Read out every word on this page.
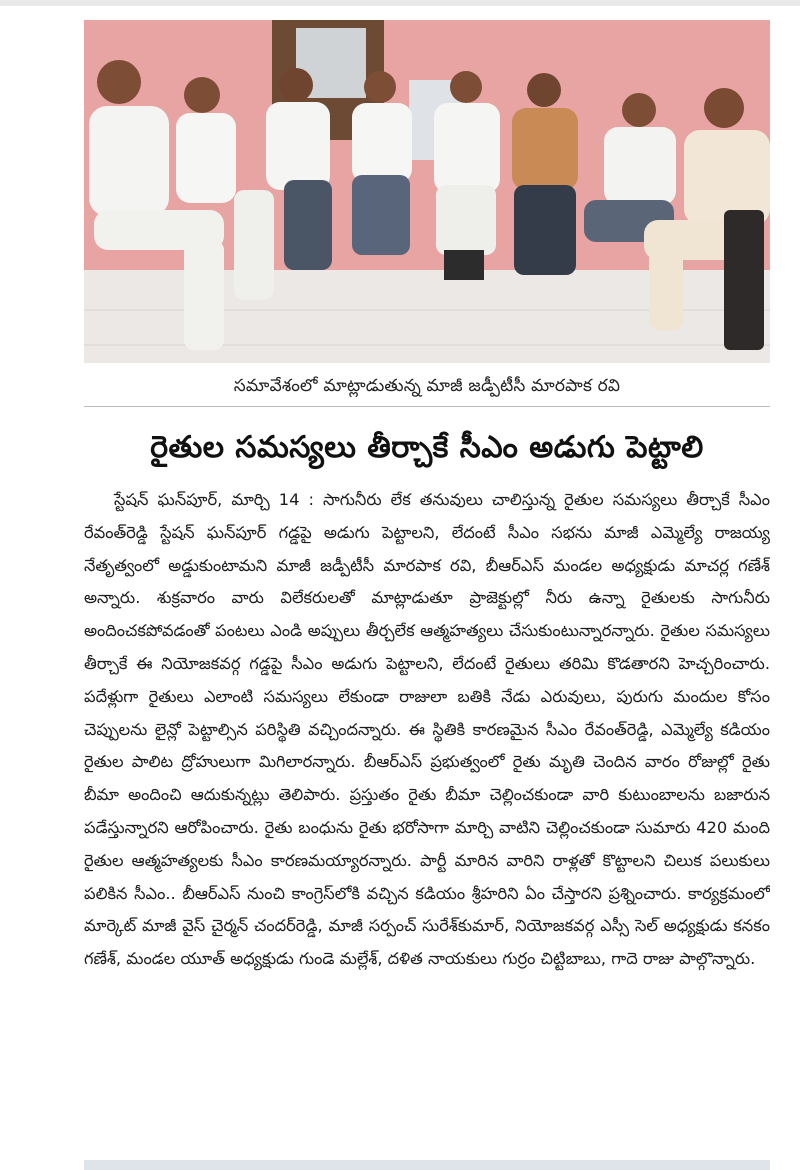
సమావేశంలో మాట్లాడుతున్న మాజీ జడ్పీటీసీ మారపాక రవి
రైతుల సమస్యలు తీర్చాకే సీఎం అడుగు పెట్టాలి

స్టేషన్ ఘన్‌పూర్, మార్చి 14 : సాగునీరు లేక తనువులు చాలిస్తున్న రైతుల సమస్యలు తీర్చాకే సీఎం రేవంత్‌రెడ్డి స్టేషన్ ఘన్‌పూర్ గడ్డపై అడుగు పెట్టాలని, లేదంటే సీఎం సభను మాజీ ఎమ్మెల్యే రాజయ్య నేతృత్వంలో అడ్డుకుంటామని మాజీ జడ్పీటీసీ మారపాక రవి, బీఆర్ఎస్ మండల అధ్యక్షుడు మాచర్ల గణేశ్ అన్నారు. శుక్రవారం వారు విలేకరులతో మాట్లాడుతూ ప్రాజెక్టుల్లో నీరు ఉన్నా రైతులకు సాగునీరు అందించకపోవడంతో పంటలు ఎండి అప్పులు తీర్చలేక ఆత్మహత్యలు చేసుకుంటున్నారన్నారు. రైతుల సమస్యలు తీర్చాకే ఈ నియోజకవర్గ గడ్డపై సీఎం అడుగు పెట్టాలని, లేదంటే రైతులు తరిమి కొడతారని హెచ్చరించారు. పదేళ్లుగా రైతులు ఎలాంటి సమస్యలు లేకుండా రాజులా బతికి నేడు ఎరువులు, పురుగు మందుల కోసం చెప్పులను లైన్లో పెట్టాల్సిన పరిస్థితి వచ్చిందన్నారు. ఈ స్థితికి కారణమైన సీఎం రేవంత్‌రెడ్డి, ఎమ్మెల్యే కడియం రైతుల పాలిట ద్రోహులుగా మిగిలారన్నారు. బీఆర్ఎస్ ప్రభుత్వంలో రైతు మృతి చెందిన వారం రోజుల్లో రైతు బీమా అందించి ఆదుకున్నట్లు తెలిపారు. ప్రస్తుతం రైతు బీమా చెల్లించకుండా వారి కుటుంబాలను బజారున పడేస్తున్నారని ఆరోపించారు. రైతు బంధును రైతు భరోసాగా మార్చి వాటిని చెల్లించకుండా సుమారు 420 మంది రైతుల ఆత్మహత్యలకు సీఎం కారణమయ్యారన్నారు. పార్టీ మారిన వారిని రాళ్లతో కొట్టాలని చిలుక పలుకులు పలికిన సీఎం.. బీఆర్ఎస్ నుంచి కాంగ్రెస్‌లోకి వచ్చిన కడియం శ్రీహరిని ఏం చేస్తారని ప్రశ్నించారు. కార్యక్రమంలో మార్కెట్ మాజీ వైస్ చైర్మన్ చందర్‌రెడ్డి, మాజీ సర్పంచ్ సురేశ్‌కుమార్, నియోజకవర్గ ఎస్సీ సెల్ అధ్యక్షుడు కనకం గణేశ్, మండల యూత్ అధ్యక్షుడు గుండె మల్లేశ్, దళిత నాయకులు గుర్రం చిట్టిబాబు, గాదె రాజు పాల్గొన్నారు.
